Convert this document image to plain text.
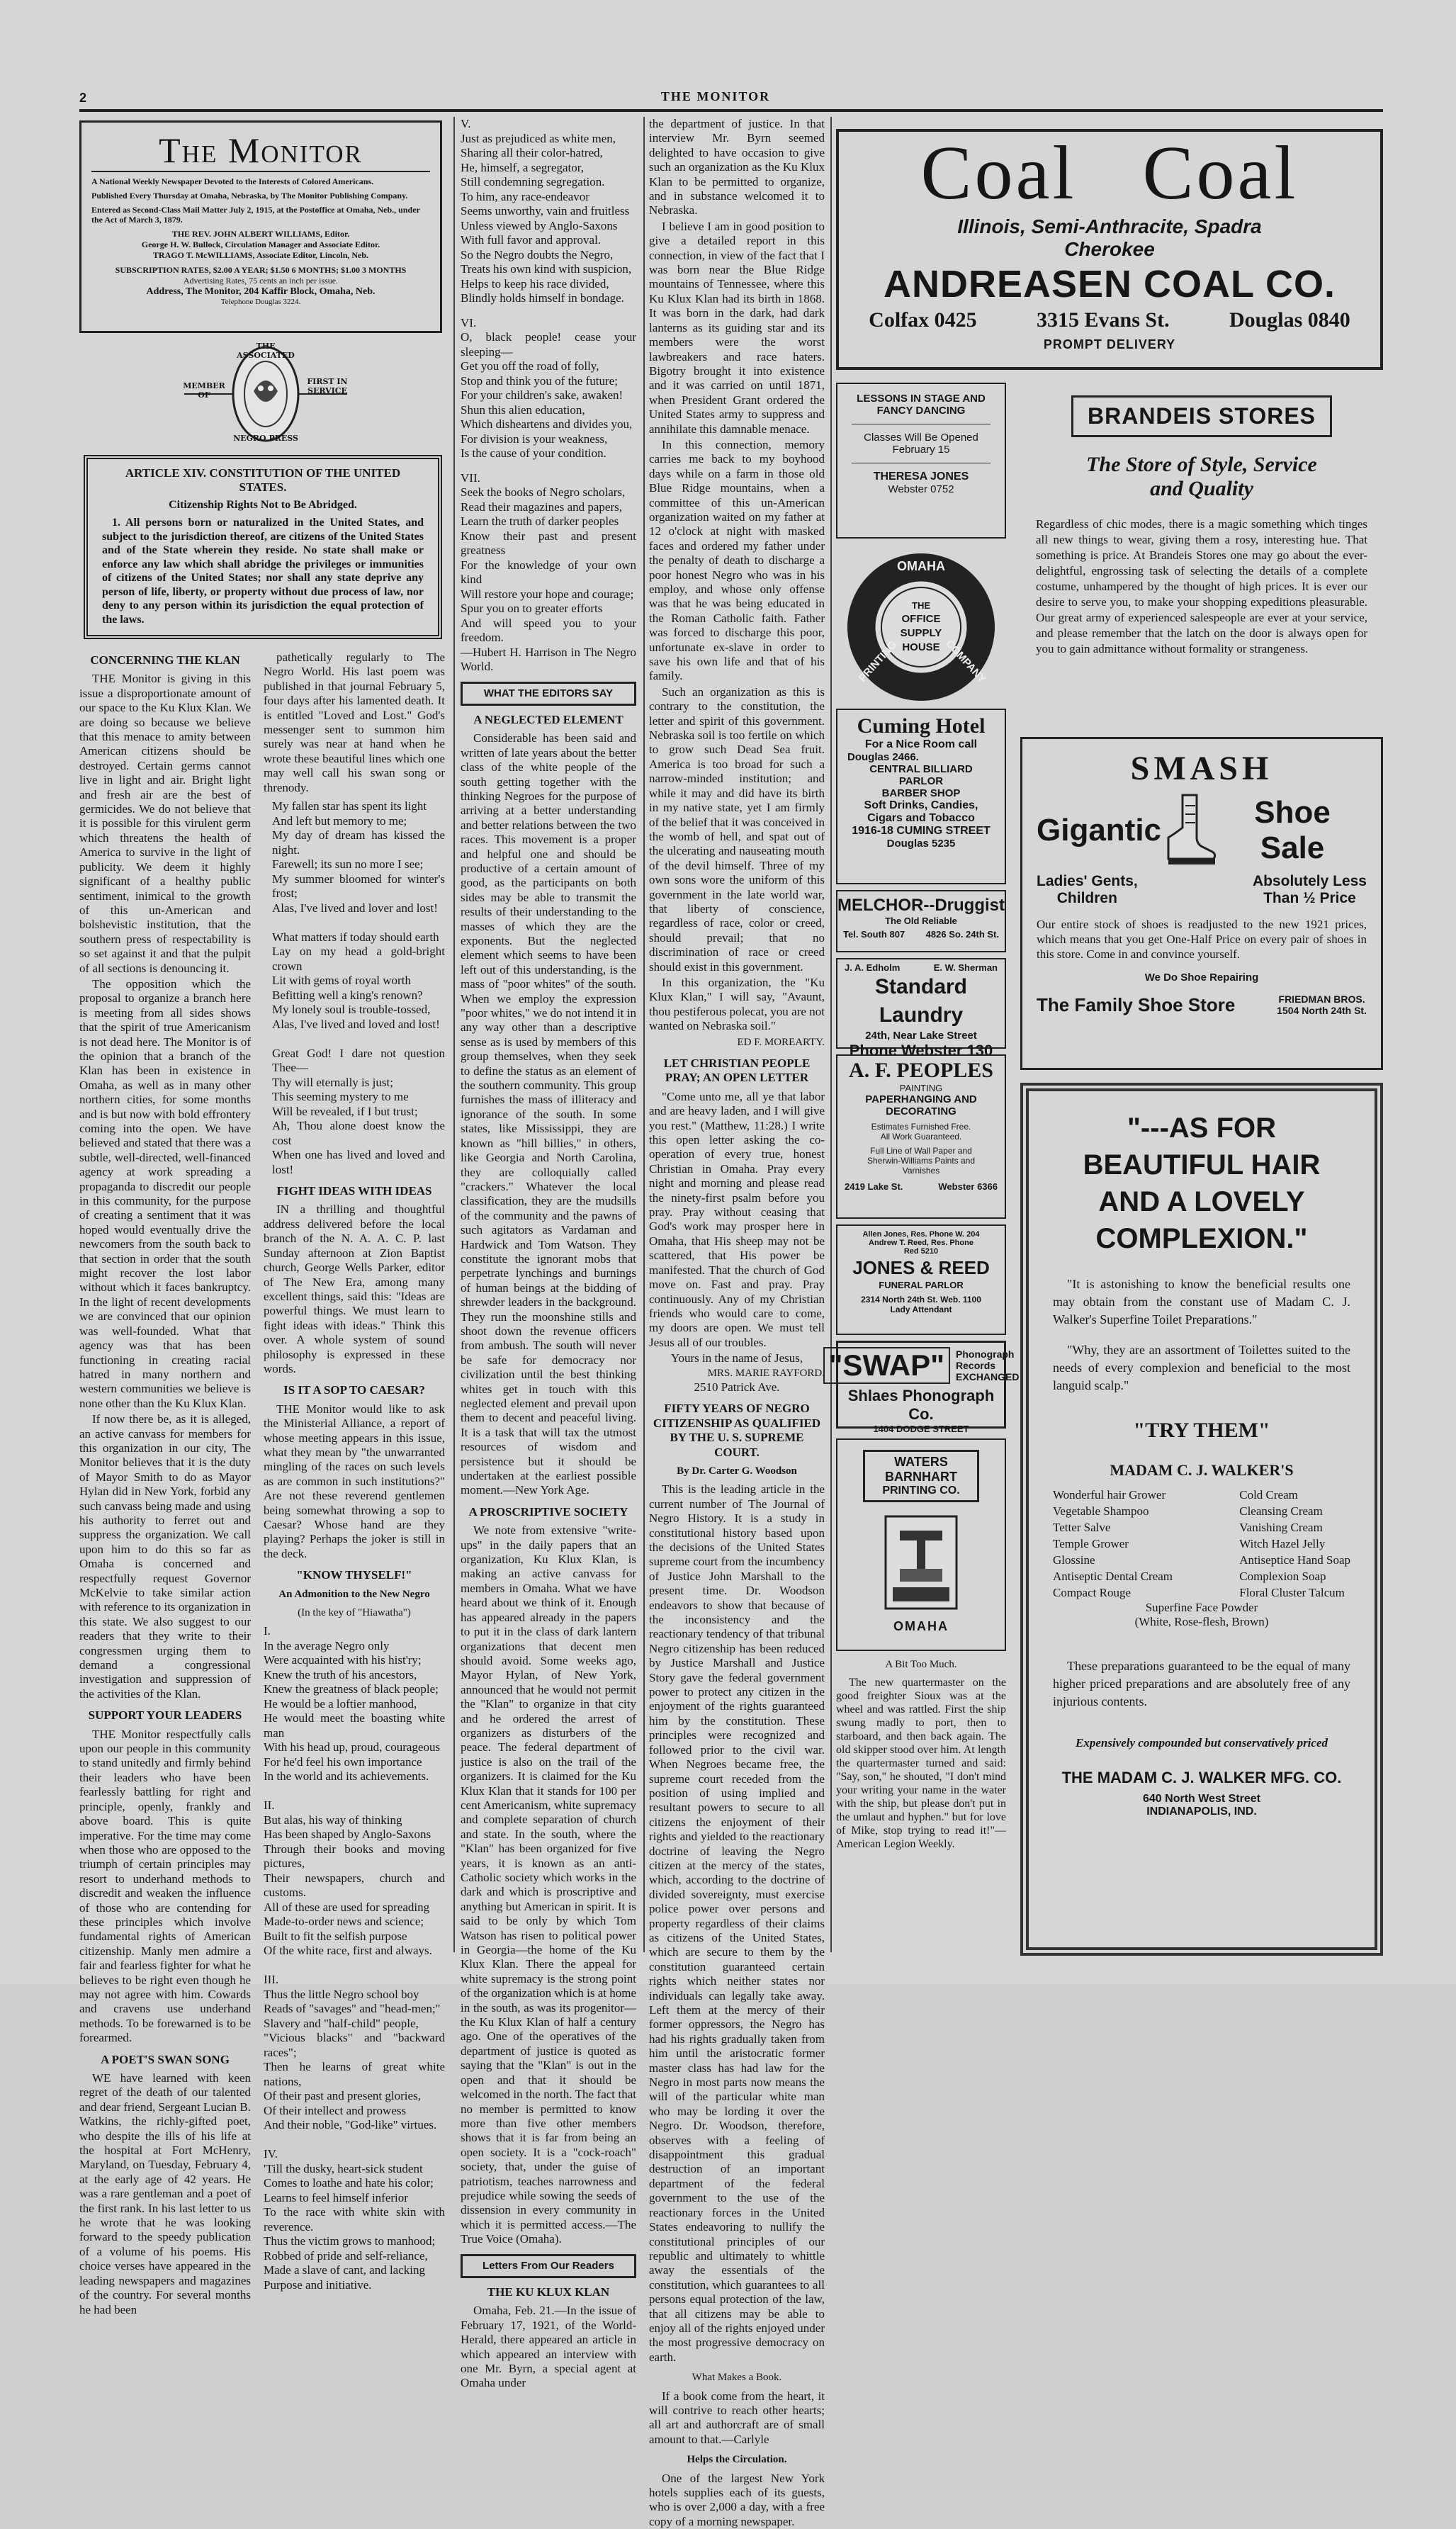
2	THE MONITOR
The Monitor
A National Weekly Newspaper Devoted to the Interests of Colored Americans.
Published Every Thursday at Omaha, Nebraska, by The Monitor Publishing Company.
Entered as Second-Class Mail Matter July 2, 1915, at the Postoffice at Omaha, Neb., under the Act of March 3, 1879.
THE REV. JOHN ALBERT WILLIAMS, Editor.
George H. W. Bullock, Circulation Manager and Associate Editor.
TRAGO T. McWILLIAMS, Associate Editor, Lincoln, Neb.
SUBSCRIPTION RATES, $2.00 A YEAR; $1.50 6 MONTHS; $1.00 3 MONTHS
Advertising Rates, 75 cents an inch per issue.
Address, The Monitor, 204 Kaffir Block, Omaha, Neb.
Telephone Douglas 3224.
THE ASSOCIATED
MEMBER OF
FIRST IN SERVICE
NEGRO PRESS
ARTICLE XIV. CONSTITUTION OF THE UNITED STATES.
Citizenship Rights Not to Be Abridged.
1. All persons born or naturalized in the United States, and subject to the jurisdiction thereof, are citizens of the United States and of the State wherein they reside. No state shall make or enforce any law which shall abridge the privileges or immunities of citizens of the United States; nor shall any state deprive any person of life, liberty, or property without due process of law, nor deny to any person within its jurisdiction the equal protection of the laws.
CONCERNING THE KLAN

THE Monitor is giving in this issue a disproportionate amount of our space to the Ku Klux Klan. We are doing so because we believe that this menace to amity between American citizens should be destroyed. Certain germs cannot live in light and air. Bright light and fresh air are the best of germicides. We do not believe that it is possible for this virulent germ which threatens the health of America to survive in the light of publicity. We deem it highly significant of a healthy public sentiment, inimical to the growth of this un-American and bolshevistic institution, that the southern press of respectability is so set against it and that the pulpit of all sections is denouncing it.

The opposition which the proposal to organize a branch here is meeting from all sides shows that the spirit of true Americanism is not dead here. The Monitor is of the opinion that a branch of the Klan has been in existence in Omaha, as well as in many other northern cities, for some months and is but now with bold effrontery coming into the open. We have believed and stated that there was a subtle, well-directed, well-financed agency at work spreading a propaganda to discredit our people in this community, for the purpose of creating a sentiment that it was hoped would eventually drive the newcomers from the south back to that section in order that the south might recover the lost labor without which it faces bankruptcy. In the light of recent developments we are convinced that our opinion was well-founded. What that agency was that has been functioning in creating racial hatred in many northern and western communities we believe is none other than the Ku Klux Klan.

If now there be, as it is alleged, an active canvass for members for this organization in our city, The Monitor believes that it is the duty of Mayor Smith to do as Mayor Hylan did in New York, forbid any such canvass being made and using his authority to ferret out and suppress the organization. We call upon him to do this so far as Omaha is concerned and respectfully request Governor McKelvie to take similar action with reference to its organization in this state. We also suggest to our readers that they write to their congressmen urging them to demand a congressional investigation and suppression of the activities of the Klan.

SUPPORT YOUR LEADERS

THE Monitor respectfully calls upon our people in this community to stand unitedly and firmly behind their leaders who have been fearlessly battling for right and principle, openly, frankly and above board. This is quite imperative. For the time may come when those who are opposed to the triumph of certain principles may resort to underhand methods to discredit and weaken the influence of those who are contending for these principles which involve fundamental rights of American citizenship. Manly men admire a fair and fearless fighter for what he believes to be right even though he may not agree with him. Cowards and cravens use underhand methods. To be forewarned is to be forearmed.

A POET'S SWAN SONG

WE have learned with keen regret of the death of our talented and dear friend, Sergeant Lucian B. Watkins, the richly-gifted poet, who despite the ills of his life at the hospital at Fort McHenry, Maryland, on Tuesday, February 4, at the early age of 42 years. He was a rare gentleman and a poet of the first rank. In his last letter to us he wrote that he was looking forward to the speedy publication of a volume of his poems. His choice verses have appeared in the leading newspapers and magazines of the country. For several months he had been

pathetically regularly to The Negro World. His last poem was published in that journal February 5, four days after his lamented death. It is entitled "Loved and Lost." God's messenger sent to summon him surely was near at hand when he wrote these beautiful lines which one may well call his swan song or threnody.

My fallen star has spent its light
And left but memory to me;
My day of dream has kissed the night.
Farewell; its sun no more I see;
My summer bloomed for winter's frost;
Alas, I've lived and lover and lost!

What matters if today should earth
Lay on my head a gold-bright crown
Lit with gems of royal worth
Befitting well a king's renown?
My lonely soul is trouble-tossed,
Alas, I've lived and loved and lost!

Great God! I dare not question Thee—
Thy will eternally is just;
This seeming mystery to me
Will be revealed, if I but trust;
Ah, Thou alone doest know the cost
When one has lived and loved and lost!
FIGHT IDEAS WITH IDEAS

IN a thrilling and thoughtful address delivered before the local branch of the N. A. A. C. P. last Sunday afternoon at Zion Baptist church, George Wells Parker, editor of The New Era, among many excellent things, said this: "Ideas are powerful things. We must learn to fight ideas with ideas." Think this over. A whole system of sound philosophy is expressed in these words.

IS IT A SOP TO CAESAR?

THE Monitor would like to ask the Ministerial Alliance, a report of whose meeting appears in this issue, what they mean by "the unwarranted mingling of the races on such levels as are common in such institutions?" Are not these reverend gentlemen being somewhat throwing a sop to Caesar? Whose hand are they playing? Perhaps the joker is still in the deck.

"KNOW THYSELF!"
An Admonition to the New Negro
(In the key of "Hiawatha")
I.
In the average Negro only
Were acquainted with his hist'ry;
Knew the truth of his ancestors,
Knew the greatness of black people;
He would be a loftier manhood,
He would meet the boasting white man
With his head up, proud, courageous
For he'd feel his own importance
In the world and its achievements.

II.
But alas, his way of thinking
Has been shaped by Anglo-Saxons
Through their books and moving pictures,
Their newspapers, church and customs.
All of these are used for spreading
Made-to-order news and science;
Built to fit the selfish purpose
Of the white race, first and always.

III.
Thus the little Negro school boy
Reads of "savages" and "head-men;"
Slavery and "half-child" people,
"Vicious blacks" and "backward races";
Then he learns of great white nations,
Of their past and present glories,
Of their intellect and prowess
And their noble, "God-like" virtues.

IV.
'Till the dusky, heart-sick student
Comes to loathe and hate his color;
Learns to feel himself inferior
To the race with white skin with reverence.
Thus the victim grows to manhood;
Robbed of pride and self-reliance,
Made a slave of cant, and lacking
Purpose and initiative.
V.
Just as prejudiced as white men,
Sharing all their color-hatred,
He, himself, a segregator,
Still condemning segregation.
To him, any race-endeavor
Seems unworthy, vain and fruitless
Unless viewed by Anglo-Saxons
With full favor and approval.
So the Negro doubts the Negro,
Treats his own kind with suspicion,
Helps to keep his race divided,
Blindly holds himself in bondage.
VI.
O, black people! cease your sleeping—
Get you off the road of folly,
Stop and think you of the future;
For your children's sake, awaken!
Shun this alien education,
Which disheartens and divides you,
For division is your weakness,
Is the cause of your condition.
VII.
Seek the books of Negro scholars,
Read their magazines and papers,
Learn the truth of darker peoples
Know their past and present greatness
For the knowledge of your own kind
Will restore your hope and courage;
Spur you on to greater efforts
And will speed you to your freedom.
—Hubert H. Harrison in The Negro World.
WHAT THE EDITORS SAY
A NEGLECTED ELEMENT

Considerable has been said and written of late years about the better class of the white people of the south getting together with the thinking Negroes for the purpose of arriving at a better understanding and better relations between the two races. This movement is a proper and helpful one and should be productive of a certain amount of good, as the participants on both sides may be able to transmit the results of their understanding to the masses of which they are the exponents. But the neglected element which seems to have been left out of this understanding, is the mass of "poor whites" of the south. When we employ the expression "poor whites," we do not intend it in any way other than a descriptive sense as is used by members of this group themselves, when they seek to define the status as an element of the southern community. This group furnishes the mass of illiteracy and ignorance of the south. In some states, like Mississippi, they are known as "hill billies," in others, like Georgia and North Carolina, they are colloquially called "crackers." Whatever the local classification, they are the mudsills of the community and the pawns of such agitators as Vardaman and Hardwick and Tom Watson. They constitute the ignorant mobs that perpetrate lynchings and burnings of human beings at the bidding of shrewder leaders in the background. They run the moonshine stills and shoot down the revenue officers from ambush. The south will never be safe for democracy nor civilization until the best thinking whites get in touch with this neglected element and prevail upon them to decent and peaceful living. It is a task that will tax the utmost resources of wisdom and persistence but it should be undertaken at the earliest possible moment.—New York Age.

A PROSCRIPTIVE SOCIETY

We note from extensive "write-ups" in the daily papers that an organization, Ku Klux Klan, is making an active canvass for members in Omaha. What we have heard about we think of it. Enough has appeared already in the papers to put it in the class of dark lantern organizations that decent men should avoid. Some weeks ago, Mayor Hylan, of New York, announced that he would not permit the "Klan" to organize in that city and he ordered the arrest of organizers as disturbers of the peace. The federal department of justice is also on the trail of the organizers. It is claimed for the Ku Klux Klan that it stands for 100 per cent Americanism, white supremacy and complete separation of church and state. In the south, where the "Klan" has been organized for five years, it is known as an anti-Catholic society which works in the dark and which is proscriptive and anything but American in spirit. It is said to be only by which Tom Watson has risen to political power in Georgia—the home of the Ku Klux Klan. There the appeal for white supremacy is the strong point of the organization which is at home in the south, as was its progenitor—the Ku Klux Klan of half a century ago. One of the operatives of the department of justice is quoted as saying that the "Klan" is out in the open and that it should be welcomed in the north. The fact that no member is permitted to know more than five other members shows that it is far from being an open society. It is a "cock-roach" society, that, under the guise of patriotism, teaches narrowness and prejudice while sowing the seeds of dissension in every community in which it is permitted access.—The True Voice (Omaha).

Letters From Our Readers
THE KU KLUX KLAN

Omaha, Feb. 21.—In the issue of February 17, 1921, of the World-Herald, there appeared an article in which appeared an interview with one Mr. Byrn, a special agent at Omaha under

the department of justice. In that interview Mr. Byrn seemed delighted to have occasion to give such an organization as the Ku Klux Klan to be permitted to organize, and in substance welcomed it to Nebraska.

I believe I am in good position to give a detailed report in this connection, in view of the fact that I was born near the Blue Ridge mountains of Tennessee, where this Ku Klux Klan had its birth in 1868. It was born in the dark, had dark lanterns as its guiding star and its members were the worst lawbreakers and race haters. Bigotry brought it into existence and it was carried on until 1871, when President Grant ordered the United States army to suppress and annihilate this damnable menace.

In this connection, memory carries me back to my boyhood days while on a farm in those old Blue Ridge mountains, when a committee of this un-American organization waited on my father at 12 o'clock at night with masked faces and ordered my father under the penalty of death to discharge a poor honest Negro who was in his employ, and whose only offense was that he was being educated in the Roman Catholic faith. Father was forced to discharge this poor, unfortunate ex-slave in order to save his own life and that of his family.

Such an organization as this is contrary to the constitution, the letter and spirit of this government. Nebraska soil is too fertile on which to grow such Dead Sea fruit. America is too broad for such a narrow-minded institution; and while it may and did have its birth in my native state, yet I am firmly of the belief that it was conceived in the womb of hell, and spat out of the ulcerating and nauseating mouth of the devil himself. Three of my own sons wore the uniform of this government in the late world war, that liberty of conscience, regardless of race, color or creed, should prevail; that no discrimination of race or creed should exist in this government.

In this organization, the "Ku Klux Klan," I will say, "Avaunt, thou pestiferous polecat, you are not wanted on Nebraska soil."

ED F. MOREARTY.
LET CHRISTIAN PEOPLE PRAY; AN OPEN LETTER

"Come unto me, all ye that labor and are heavy laden, and I will give you rest." (Matthew, 11:28.) I write this open letter asking the co-operation of every true, honest Christian in Omaha. Pray every night and morning and please read the ninety-first psalm before you pray. Pray without ceasing that God's work may prosper here in Omaha, that His sheep may not be scattered, that His power be manifested. That the church of God move on. Fast and pray. Pray continuously. Any of my Christian friends who would care to come, my doors are open. We must tell Jesus all of our troubles.

Yours in the name of Jesus,
MRS. MARIE RAYFORD.
2510 Patrick Ave.
FIFTY YEARS OF NEGRO CITIZENSHIP AS QUALIFIED BY THE U. S. SUPREME COURT.
By Dr. Carter G. Woodson

This is the leading article in the current number of The Journal of Negro History. It is a study in constitutional history based upon the decisions of the United States supreme court from the incumbency of Justice John Marshall to the present time. Dr. Woodson endeavors to show that because of the inconsistency and the reactionary tendency of that tribunal Negro citizenship has been reduced by Justice Marshall and Justice Story gave the federal government power to protect any citizen in the enjoyment of the rights guaranteed him by the constitution. These principles were recognized and followed prior to the civil war. When Negroes became free, the supreme court receded from the position of using implied and resultant powers to secure to all citizens the enjoyment of their rights and yielded to the reactionary doctrine of leaving the Negro citizen at the mercy of the states, which, according to the doctrine of divided sovereignty, must exercise police power over persons and property regardless of their claims as citizens of the United States, which are secure to them by the constitution guaranteed certain rights which neither states nor individuals can legally take away. Left them at the mercy of their former oppressors, the Negro has had his rights gradually taken from him until the aristocratic former master class has had law for the Negro in most parts now means the will of the particular white man who may be lording it over the Negro. Dr. Woodson, therefore, observes with a feeling of disappointment this gradual destruction of an important department of the federal government to the use of the reactionary forces in the United States endeavoring to nullify the constitutional principles of our republic and ultimately to whittle away the essentials of the constitution, which guarantees to all persons equal protection of the law, that all citizens may be able to enjoy all of the rights enjoyed under the most progressive democracy on earth.

What Makes a Book.

If a book come from the heart, it will contrive to reach other hearts; all art and authorcraft are of small amount to that.—Carlyle

Helps the Circulation.

One of the largest New York hotels supplies each of its guests, who is over 2,000 a day, with a free copy of a morning newspaper.

Coal   Coal
Illinois, Semi-Anthracite, Spadra
Cherokee
ANDREASEN COAL CO.
Colfax 0425	3315 Evans St.	Douglas 0840
PROMPT DELIVERY
LESSONS IN STAGE AND
FANCY DANCING
Classes Will Be Opened
February 15
THERESA JONES
Webster 0752
OMAHA
PRINTING	COMPANY
THE
OFFICE
SUPPLY
HOUSE
Cuming Hotel
For a Nice Room call
Douglas 2466.
CENTRAL BILLIARD
PARLOR
BARBER SHOP
Soft Drinks, Candies,
Cigars and Tobacco
1916-18 CUMING STREET
Douglas 5235
MELCHOR--Druggist
The Old Reliable
Tel. South 807 4826 So. 24th St.
J. A. Edholm	E. W. Sherman
Standard Laundry
24th, Near Lake Street
Phone Webster 130
A. F. PEOPLES
PAINTING
PAPERHANGING AND
DECORATING
Estimates Furnished Free.
All Work Guaranteed.
Full Line of Wall Paper and
Sherwin-Williams Paints and
Varnishes
2419 Lake St.	Webster 6366
Allen Jones, Res. Phone W. 204
Andrew T. Reed, Res. Phone
Red 5210
JONES & REED
FUNERAL PARLOR
2314 North 24th St. Web. 1100
Lady Attendant
"SWAP"	Phonograph
Records
EXCHANGED
Shlaes Phonograph Co.
1404 DODGE STREET
WATERS
BARNHART
PRINTING CO.
OMAHA
A Bit Too Much.

The new quartermaster on the good freighter Sioux was at the wheel and was rattled. First the ship swung madly to port, then to starboard, and then back again. The old skipper stood over him. At length the quartermaster turned and said: "Say, son," he shouted, "I don't mind your writing your name in the water with the ship, but please don't put in the umlaut and hyphen." but for love of Mike, stop trying to read it!"—American Legion Weekly.

BRANDEIS STORES
The Store of Style, Service
and Quality
Regardless of chic modes, there is a magic something which tinges all new things to wear, giving them a rosy, interesting hue. That something is price. At Brandeis Stores one may go about the ever-delightful, engrossing task of selecting the details of a complete costume, unhampered by the thought of high prices. It is ever our desire to serve you, to make your shopping expeditions pleasurable. Our great army of experienced salespeople are ever at your service, and please remember that the latch on the door is always open for you to gain admittance without formality or strangeness.
SMASH
Gigantic
Shoe Sale
Ladies' Gents,
Children
Absolutely Less
Than ½ Price
Our entire stock of shoes is readjusted to the new 1921 prices, which means that you get One-Half Price on every pair of shoes in this store. Come in and convince yourself.
We Do Shoe Repairing
The Family Shoe Store	FRIEDMAN BROS.
1504 North 24th St.
"---AS FOR BEAUTIFUL HAIR AND A LOVELY COMPLEXION."
"It is astonishing to know the beneficial results one may obtain from the constant use of Madam C. J. Walker's Superfine Toilet Preparations."
"Why, they are an assortment of Toilettes suited to the needs of every complexion and beneficial to the most languid scalp."
"TRY THEM"
MADAM C. J. WALKER'S
Wonderful hair Grower
Vegetable Shampoo
Tetter Salve
Temple Grower
Glossine
Antiseptic Dental Cream
Compact Rouge
Cold Cream
Cleansing Cream
Vanishing Cream
Witch Hazel Jelly
Antiseptice Hand Soap
Complexion Soap
Floral Cluster Talcum
Superfine Face Powder
(White, Rose-flesh, Brown)
These preparations guaranteed to be the equal of many higher priced preparations and are absolutely free of any injurious contents.
Expensively compounded but conservatively priced
THE MADAM C. J. WALKER MFG. CO.
640 North West Street
INDIANAPOLIS, IND.
